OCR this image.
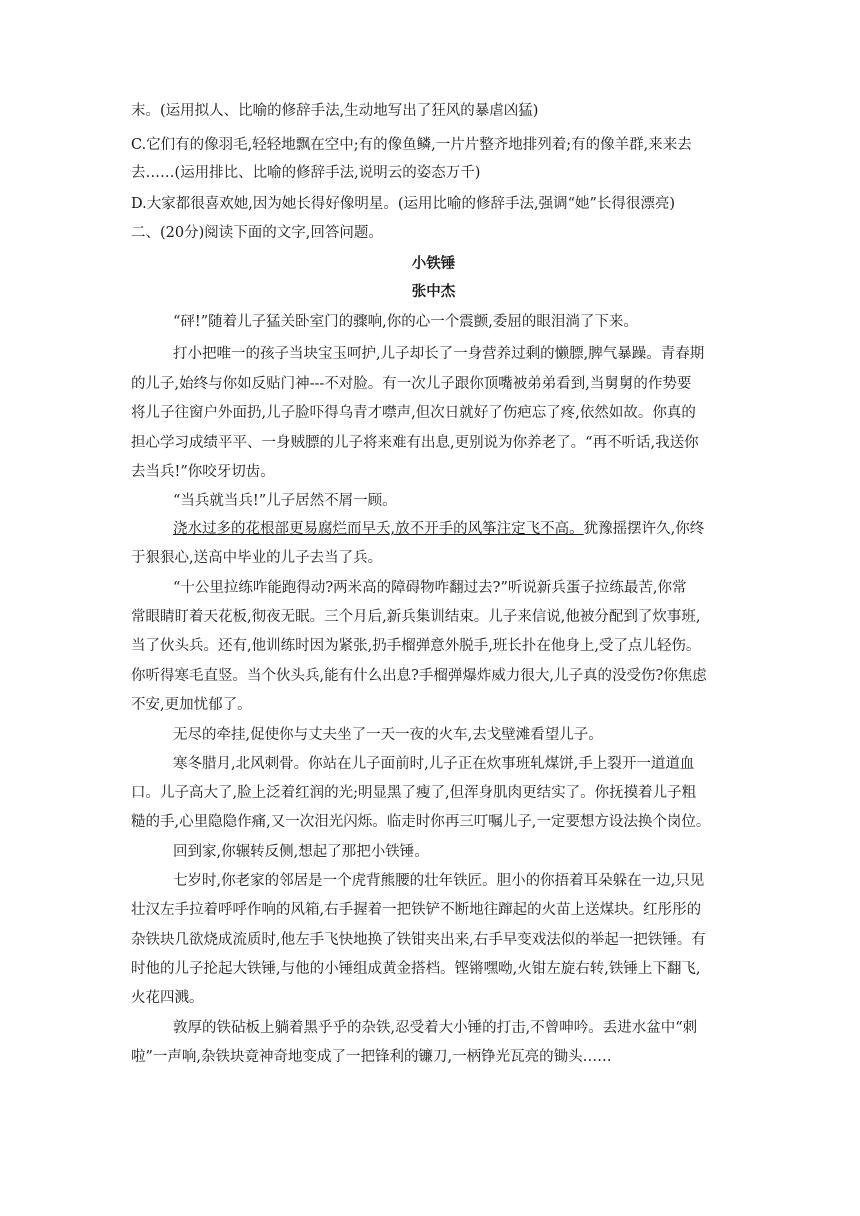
末。(运用拟人、比喻的修辞手法,生动地写出了狂风的暴虐凶猛)
C.它们有的像羽毛,轻轻地飘在空中;有的像鱼鳞,一片片整齐地排列着;有的像羊群,来来去
去……(运用排比、比喻的修辞手法,说明云的姿态万千)
D.大家都很喜欢她,因为她长得好像明星。(运用比喻的修辞手法,强调“她”长得很漂亮)
二、(20分)阅读下面的文字,回答问题。
小铁锤
张中杰
“砰!”随着儿子猛关卧室门的骤响,你的心一个震颤,委屈的眼泪淌了下来。
打小把唯一的孩子当块宝玉呵护,儿子却长了一身营养过剩的懒膘,脾气暴躁。青春期
的儿子,始终与你如反贴门神---不对脸。有一次儿子跟你顶嘴被弟弟看到,当舅舅的作势要
将儿子往窗户外面扔,儿子脸吓得乌青才噤声,但次日就好了伤疤忘了疼,依然如故。你真的
担心学习成绩平平、一身贼膘的儿子将来难有出息,更别说为你养老了。“再不听话,我送你
去当兵!”你咬牙切齿。
“当兵就当兵!”儿子居然不屑一顾。
浇水过多的花根部更易腐烂而早夭,放不开手的风筝注定飞不高。犹豫摇摆许久,你终
于狠狠心,送高中毕业的儿子去当了兵。
“十公里拉练咋能跑得动?两米高的障碍物咋翻过去?”听说新兵蛋子拉练最苦,你常
常眼睛盯着天花板,彻夜无眠。三个月后,新兵集训结束。儿子来信说,他被分配到了炊事班,
当了伙头兵。还有,他训练时因为紧张,扔手榴弹意外脱手,班长扑在他身上,受了点儿轻伤。
你听得寒毛直竖。当个伙头兵,能有什么出息?手榴弹爆炸威力很大,儿子真的没受伤?你焦虑
不安,更加忧郁了。
无尽的牵挂,促使你与丈夫坐了一天一夜的火车,去戈壁滩看望儿子。
寒冬腊月,北风刺骨。你站在儿子面前时,儿子正在炊事班轧煤饼,手上裂开一道道血
口。儿子高大了,脸上泛着红润的光;明显黑了瘦了,但浑身肌肉更结实了。你抚摸着儿子粗
糙的手,心里隐隐作痛,又一次泪光闪烁。临走时你再三叮嘱儿子,一定要想方设法换个岗位。
回到家,你辗转反侧,想起了那把小铁锤。
七岁时,你老家的邻居是一个虎背熊腰的壮年铁匠。胆小的你捂着耳朵躲在一边,只见
壮汉左手拉着呼呼作响的风箱,右手握着一把铁铲不断地往蹿起的火苗上送煤块。红彤彤的
杂铁块几欲烧成流质时,他左手飞快地换了铁钳夹出来,右手早变戏法似的举起一把铁锤。有
时他的儿子抡起大铁锤,与他的小锤组成黄金搭档。铿锵嘿呦,火钳左旋右转,铁锤上下翻飞,
火花四溅。
敦厚的铁砧板上躺着黑乎乎的杂铁,忍受着大小锤的打击,不曾呻吟。丢进水盆中“刺
啦”一声响,杂铁块竟神奇地变成了一把锋利的镰刀,一柄铮光瓦亮的锄头……
